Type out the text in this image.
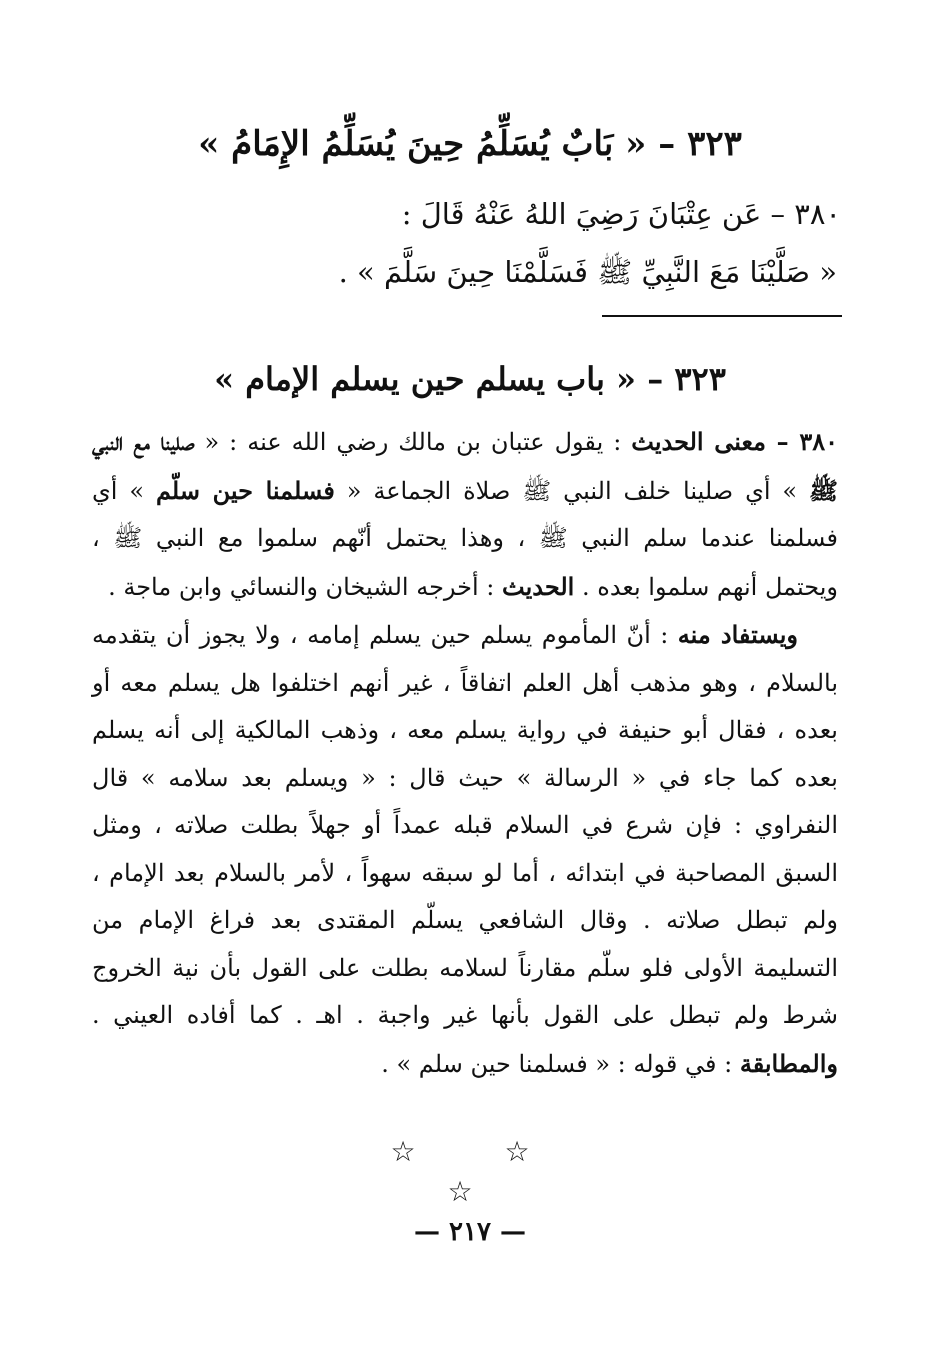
٣٢٣ – « بَابٌ يُسَلِّمُ حِينَ يُسَلِّمُ الإِمَامُ »
٣٨٠ – عَن عِتْبَانَ رَضِيَ اللهُ عَنْهُ قَالَ :
« صَلَّيْنَا مَعَ النَّبِيِّ ﷺ فَسَلَّمْنَا حِينَ سَلَّمَ » .
٣٢٣ – « باب يسلم حين يسلم الإمام »

٣٨٠ – معنى الحديث : يقول عتبان بن مالك رضي الله عنه : « صلينا مع النبي ﷺ » أي صلينا خلف النبي ﷺ صلاة الجماعة « فسلمنا حين سلّم » أي فسلمنا عندما سلم النبي ﷺ ، وهذا يحتمل أنّهم سلموا مع النبي ﷺ ، ويحتمل أنهم سلموا بعده . الحديث : أخرجه الشيخان والنسائي وابن ماجة .

ويستفاد منه : أنّ المأموم يسلم حين يسلم إمامه ، ولا يجوز أن يتقدمه بالسلام ، وهو مذهب أهل العلم اتفاقاً ، غير أنهم اختلفوا هل يسلم معه أو بعده ، فقال أبو حنيفة في رواية يسلم معه ، وذهب المالكية إلى أنه يسلم بعده كما جاء في « الرسالة » حيث قال : « ويسلم بعد سلامه » قال النفراوي : فإن شرع في السلام قبله عمداً أو جهلاً بطلت صلاته ، ومثل السبق المصاحبة في ابتدائه ، أما لو سبقه سهواً ، لأمر بالسلام بعد الإمام ، ولم تبطل صلاته . وقال الشافعي يسلّم المقتدى بعد فراغ الإمام من التسليمة الأولى فلو سلّم مقارناً لسلامه بطلت على القول بأن نية الخروج شرط ولم تبطل على القول بأنها غير واجبة . اهـ . كما أفاده العيني . والمطابقة : في قوله : « فسلمنا حين سلم » .

☆ ☆ ☆
— ٢١٧ —
